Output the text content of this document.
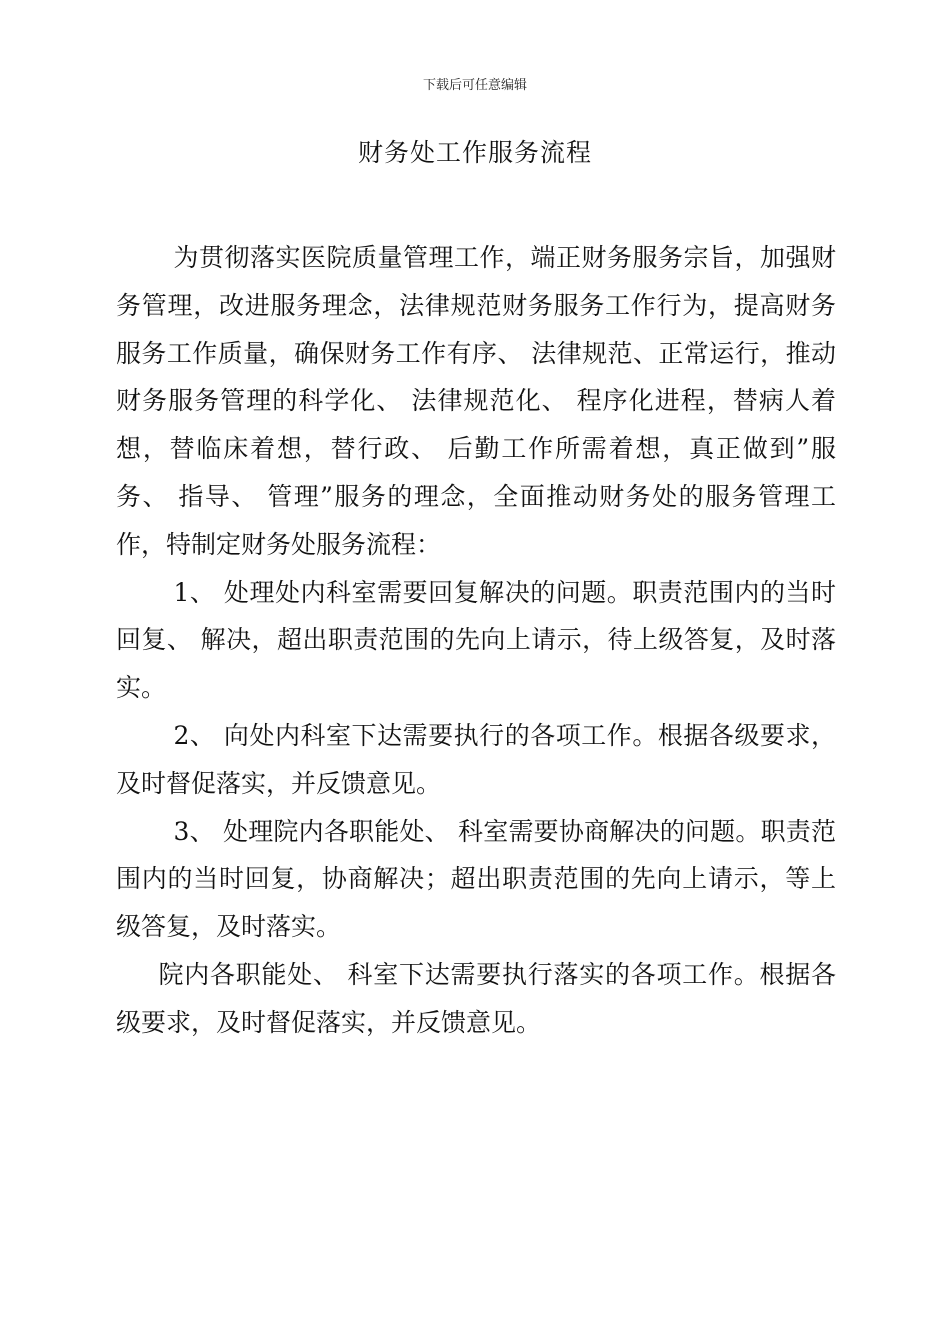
下载后可任意编辑
财务处工作服务流程

为贯彻落实医院质量管理工作，端正财务服务宗旨，加强财务管理，改进服务理念，法律规范财务服务工作行为，提高财务服务工作质量，确保财务工作有序、 法律规范、正常运行，推动财务服务管理的科学化、 法律规范化、 程序化进程，替病人着想，替临床着想，替行政、 后勤工作所需着想，真正做到”服务、 指导、 管理”服务的理念，全面推动财务处的服务管理工作，特制定财务处服务流程：

1、 处理处内科室需要回复解决的问题。职责范围内的当时回复、 解决，超出职责范围的先向上请示，待上级答复，及时落实。

2、 向处内科室下达需要执行的各项工作。根据各级要求，及时督促落实，并反馈意见。

3、 处理院内各职能处、 科室需要协商解决的问题。职责范围内的当时回复，协商解决；超出职责范围的先向上请示，等上级答复，及时落实。

院内各职能处、 科室下达需要执行落实的各项工作。根据各级要求，及时督促落实，并反馈意见。
